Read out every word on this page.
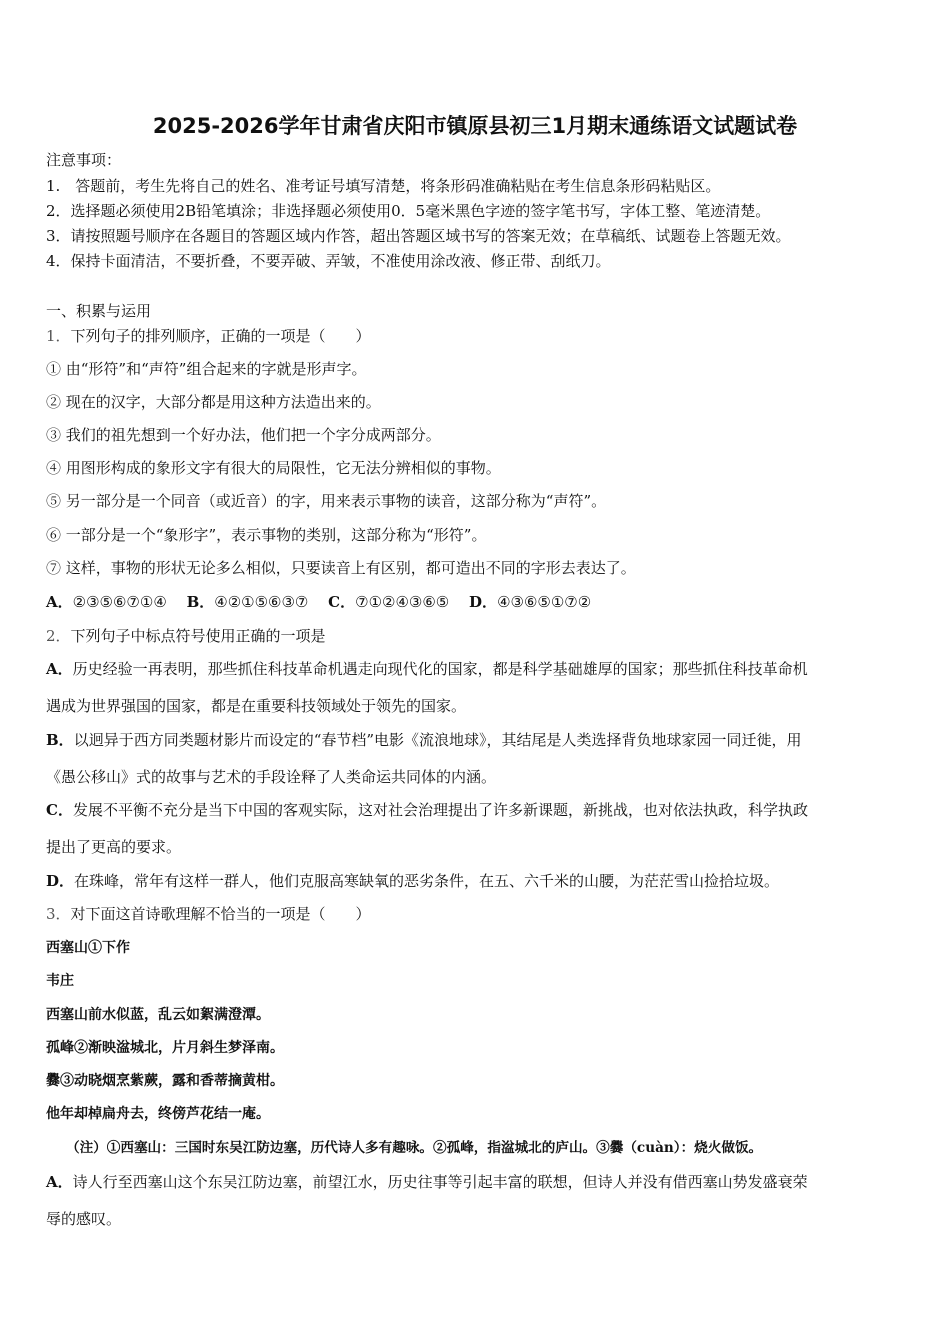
2025-2026学年甘肃省庆阳市镇原县初三1月期末通练语文试题试卷
注意事项：
1.　答题前，考生先将自己的姓名、准考证号填写清楚，将条形码准确粘贴在考生信息条形码粘贴区。
2．选择题必须使用2B铅笔填涂；非选择题必须使用0．5毫米黑色字迹的签字笔书写，字体工整、笔迹清楚。
3．请按照题号顺序在各题目的答题区域内作答，超出答题区域书写的答案无效；在草稿纸、试题卷上答题无效。
4．保持卡面清洁，不要折叠，不要弄破、弄皱，不准使用涂改液、修正带、刮纸刀。
一、积累与运用
1．下列句子的排列顺序，正确的一项是（　　）
① 由“形符”和“声符”组合起来的字就是形声字。
② 现在的汉字，大部分都是用这种方法造出来的。
③ 我们的祖先想到一个好办法，他们把一个字分成两部分。
④ 用图形构成的象形文字有很大的局限性，它无法分辨相似的事物。
⑤ 另一部分是一个同音（或近音）的字，用来表示事物的读音，这部分称为“声符”。
⑥ 一部分是一个“象形字”，表示事物的类别，这部分称为“形符”。
⑦ 这样，事物的形状无论多么相似，只要读音上有区别，都可造出不同的字形去表达了。
A．②③⑤⑥⑦①④  B．④②①⑤⑥③⑦  C．⑦①②④③⑥⑤  D．④③⑥⑤①⑦②
2．下列句子中标点符号使用正确的一项是
A．历史经验一再表明，那些抓住科技革命机遇走向现代化的国家，都是科学基础雄厚的国家；那些抓住科技革命机
遇成为世界强国的国家，都是在重要科技领域处于领先的国家。
B．以迥异于西方同类题材影片而设定的“春节档”电影《流浪地球》，其结尾是人类选择背负地球家园一同迁徙，用
《愚公移山》式的故事与艺术的手段诠释了人类命运共同体的内涵。
C．发展不平衡不充分是当下中国的客观实际，这对社会治理提出了许多新课题，新挑战，也对依法执政，科学执政
提出了更高的要求。
D．在珠峰，常年有这样一群人，他们克服高寒缺氧的恶劣条件，在五、六千米的山腰，为茫茫雪山捡拾垃圾。
3．对下面这首诗歌理解不恰当的一项是（　　）
西塞山①下作
韦庄
西塞山前水似蓝，乱云如絮满澄潭。
孤峰②渐映湓城北，片月斜生梦泽南。
爨③动晓烟烹紫蕨，露和香蒂摘黄柑。
他年却棹扁舟去，终傍芦花结一庵。
（注）①西塞山：三国时东吴江防边塞，历代诗人多有趣咏。②孤峰，指湓城北的庐山。③爨（cuàn）：烧火做饭。
A．诗人行至西塞山这个东吴江防边塞，前望江水，历史往事等引起丰富的联想，但诗人并没有借西塞山势发盛衰荣
辱的感叹。
